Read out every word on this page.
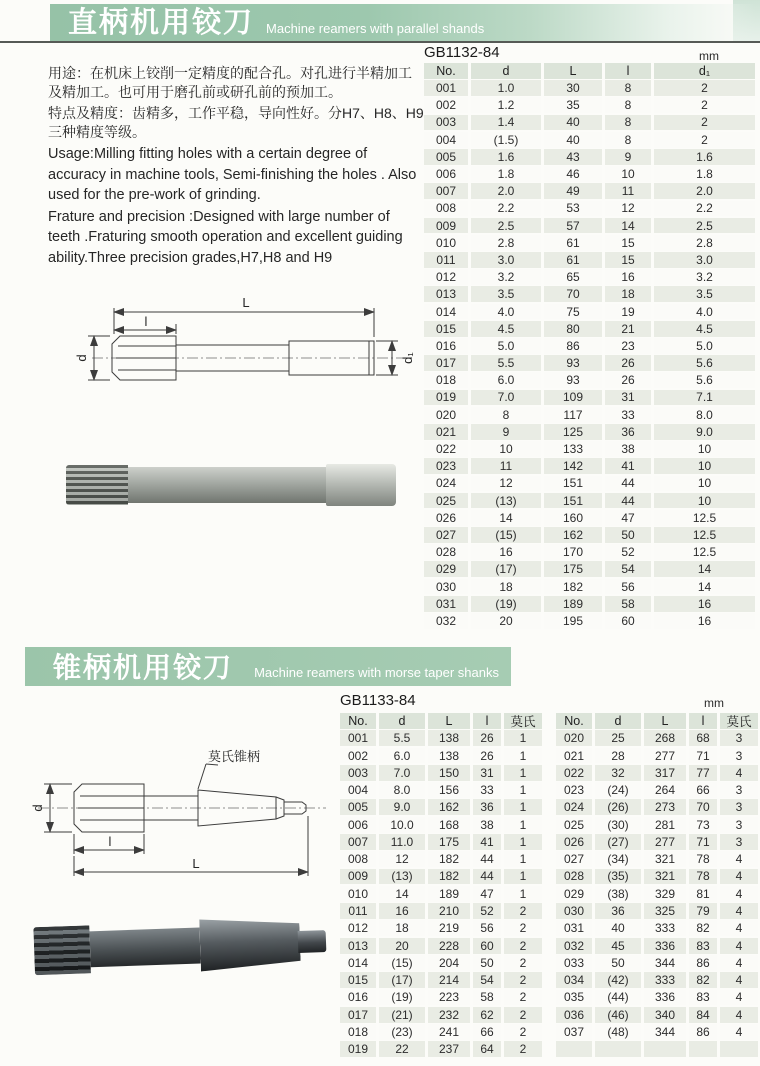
直柄机用铰刀 Machine reamers with parallel shands
GB1132-84	mm

用途：在机床上铰削一定精度的配合孔。对孔进行半精加工及精加工。也可用于磨孔前或研孔前的预加工。

特点及精度：齿精多，工作平稳，导向性好。分H7、H8、H9三种精度等级。

Usage:Milling fitting holes with a certain degree of accuracy in machine tools, Semi-finishing the holes . Also used for the pre-work of grinding.

Frature and precision :Designed with large number of teeth .Fraturing smooth operation and excellent guiding ability.Three precision grades,H7,H8 and H9

L
l
d	d₁
No.	d	L	l	d₁
001	1.0	30	8	2
002	1.2	35	8	2
003	1.4	40	8	2
004	(1.5)	40	8	2
005	1.6	43	9	1.6
006	1.8	46	10	1.8
007	2.0	49	11	2.0
008	2.2	53	12	2.2
009	2.5	57	14	2.5
010	2.8	61	15	2.8
011	3.0	61	15	3.0
012	3.2	65	16	3.2
013	3.5	70	18	3.5
014	4.0	75	19	4.0
015	4.5	80	21	4.5
016	5.0	86	23	5.0
017	5.5	93	26	5.6
018	6.0	93	26	5.6
019	7.0	109	31	7.1
020	8	117	33	8.0
021	9	125	36	9.0
022	10	133	38	10
023	11	142	41	10
024	12	151	44	10
025	(13)	151	44	10
026	14	160	47	12.5
027	(15)	162	50	12.5
028	16	170	52	12.5
029	(17)	175	54	14
030	18	182	56	14
031	(19)	189	58	16
032	20	195	60	16
锥柄机用铰刀 Machine reamers with morse taper shanks
GB1133-84	mm
莫氏锥柄
d
l
L
No.	d	L	l	莫氏
001	5.5	138	26	1
002	6.0	138	26	1
003	7.0	150	31	1
004	8.0	156	33	1
005	9.0	162	36	1
006	10.0	168	38	1
007	11.0	175	41	1
008	12	182	44	1
009	(13)	182	44	1
010	14	189	47	1
011	16	210	52	2
012	18	219	56	2
013	20	228	60	2
014	(15)	204	50	2
015	(17)	214	54	2
016	(19)	223	58	2
017	(21)	232	62	2
018	(23)	241	66	2
019	22	237	64	2
No.	d	L	l	莫氏
020	25	268	68	3
021	28	277	71	3
022	32	317	77	4
023	(24)	264	66	3
024	(26)	273	70	3
025	(30)	281	73	3
026	(27)	277	71	3
027	(34)	321	78	4
028	(35)	321	78	4
029	(38)	329	81	4
030	36	325	79	4
031	40	333	82	4
032	45	336	83	4
033	50	344	86	4
034	(42)	333	82	4
035	(44)	336	83	4
036	(46)	340	84	4
037	(48)	344	86	4
